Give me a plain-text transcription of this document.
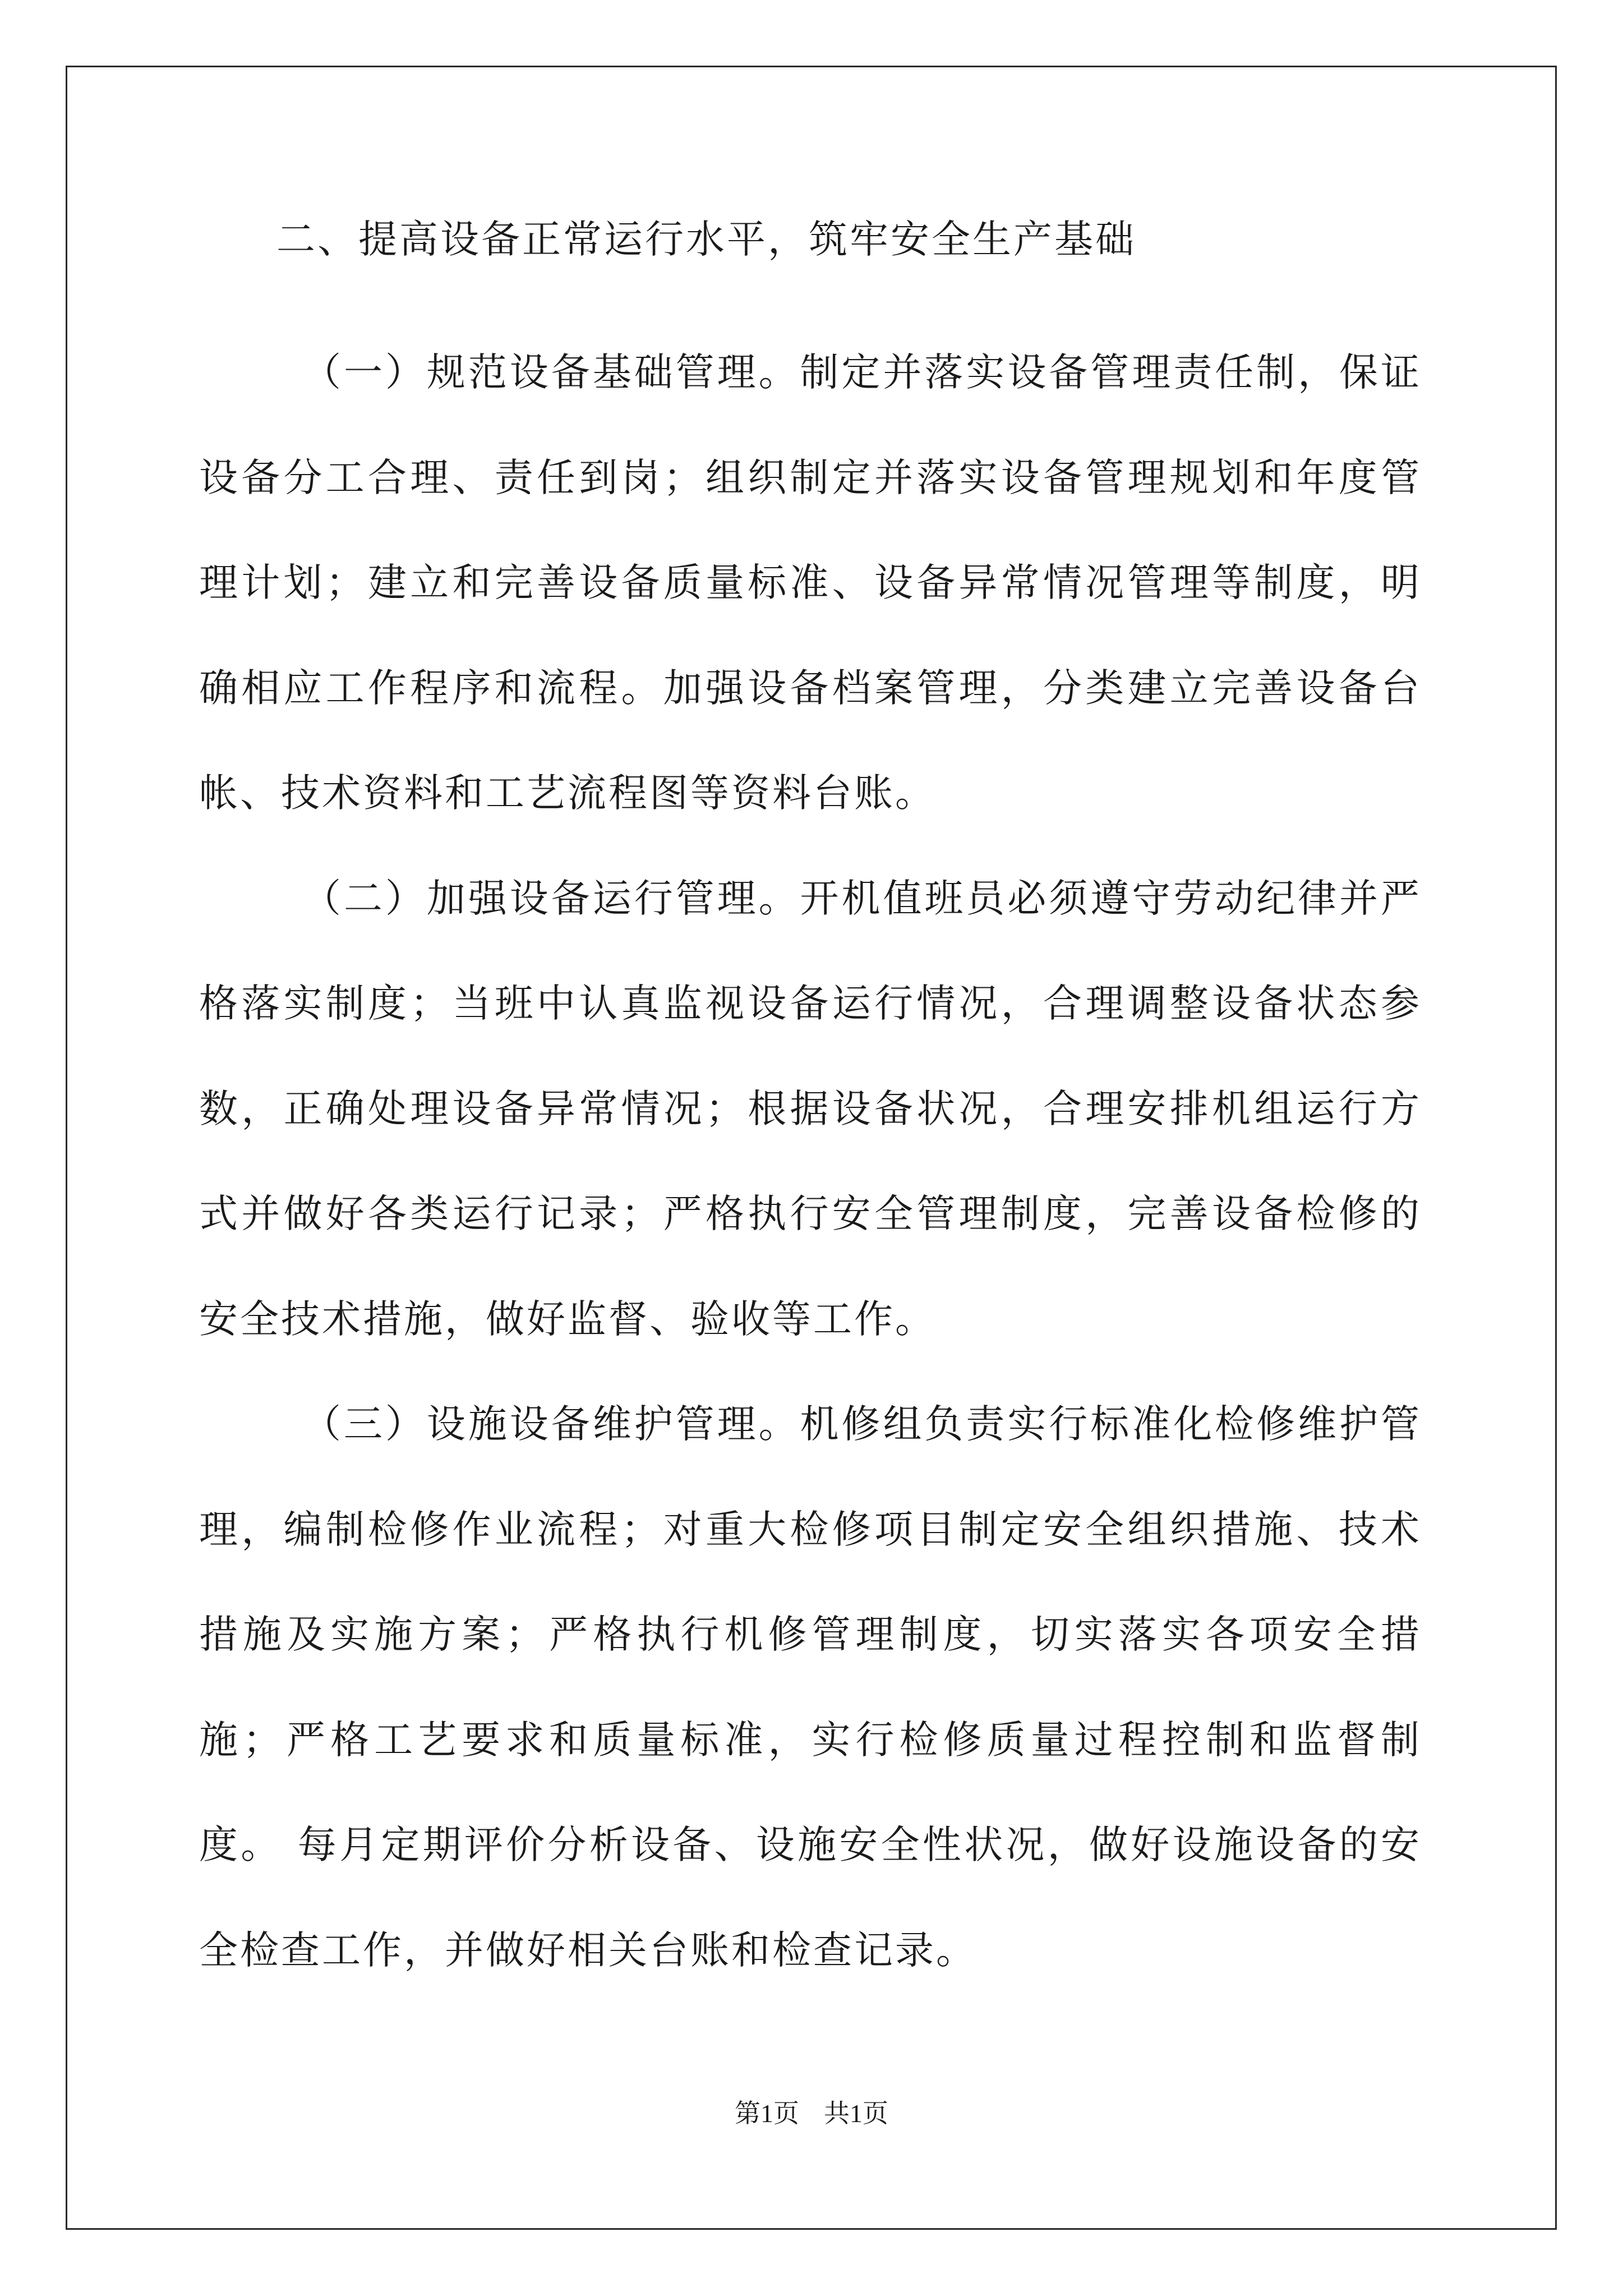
二、提高设备正常运行水平，筑牢安全生产基础

（一）规范设备基础管理。制定并落实设备管理责任制，保证设备分工合理、责任到岗；组织制定并落实设备管理规划和年度管理计划；建立和完善设备质量标准、设备异常情况管理等制度，明确相应工作程序和流程。加强设备档案管理，分类建立完善设备台帐、技术资料和工艺流程图等资料台账。

（二）加强设备运行管理。开机值班员必须遵守劳动纪律并严格落实制度；当班中认真监视设备运行情况，合理调整设备状态参数，正确处理设备异常情况；根据设备状况，合理安排机组运行方式并做好各类运行记录；严格执行安全管理制度，完善设备检修的安全技术措施，做好监督、验收等工作。

（三）设施设备维护管理。机修组负责实行标准化检修维护管理，编制检修作业流程；对重大检修项目制定安全组织措施、技术措施及实施方案；严格执行机修管理制度，切实落实各项安全措施；严格工艺要求和质量标准，实行检修质量过程控制和监督制度。 每月定期评价分析设备、设施安全性状况，做好设施设备的安全检查工作，并做好相关台账和检查记录。

第1页 共1页
